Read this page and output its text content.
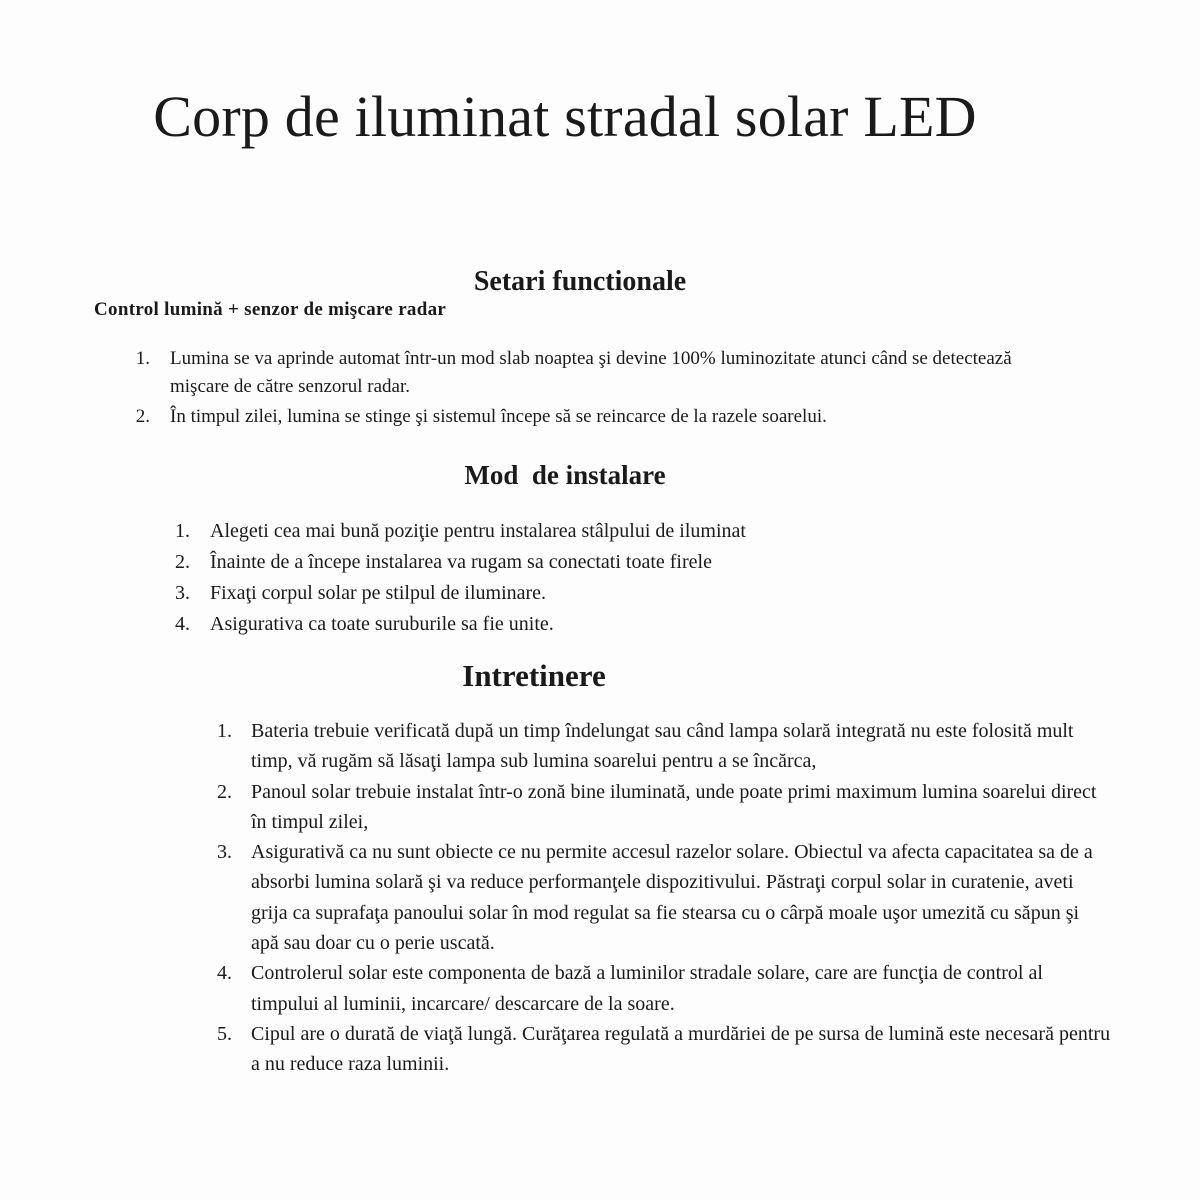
Corp de iluminat stradal solar LED
Setari functionale

Control lumină + senzor de mişcare radar

1. Lumina se va aprinde automat într-un mod slab noaptea şi devine 100% luminozitate atunci când se detectează mişcare de către senzorul radar.
2. În timpul zilei, lumina se stinge şi sistemul începe să se reincarce de la razele soarelui.
Mod  de instalare
1. Alegeti cea mai bună poziţie pentru instalarea stâlpului de iluminat
2. Înainte de a începe instalarea va rugam sa conectati toate firele
3. Fixaţi corpul solar pe stilpul de iluminare.
4. Asigurativa ca toate suruburile sa fie unite.
Intretinere
1. Bateria trebuie verificată după un timp îndelungat sau când lampa solară integrată nu este folosită mult timp, vă rugăm să lăsaţi lampa sub lumina soarelui pentru a se încărca,
2. Panoul solar trebuie instalat într-o zonă bine iluminată, unde poate primi maximum lumina soarelui direct în timpul zilei,
3. Asigurativă ca nu sunt obiecte ce nu permite accesul razelor solare. Obiectul va afecta capacitatea sa de a absorbi lumina solară şi va reduce performanţele dispozitivului. Păstraţi corpul solar in curatenie, aveti grija ca suprafaţa panoului solar în mod regulat sa fie stearsa cu o cârpă moale uşor umezită cu săpun şi apă sau doar cu o perie uscată.
4. Controlerul solar este componenta de bază a luminilor stradale solare, care are funcţia de control al timpului al luminii, incarcare/ descarcare de la soare.
5. Cipul are o durată de viaţă lungă. Curăţarea regulată a murdăriei de pe sursa de lumină este necesară pentru a nu reduce raza luminii.
